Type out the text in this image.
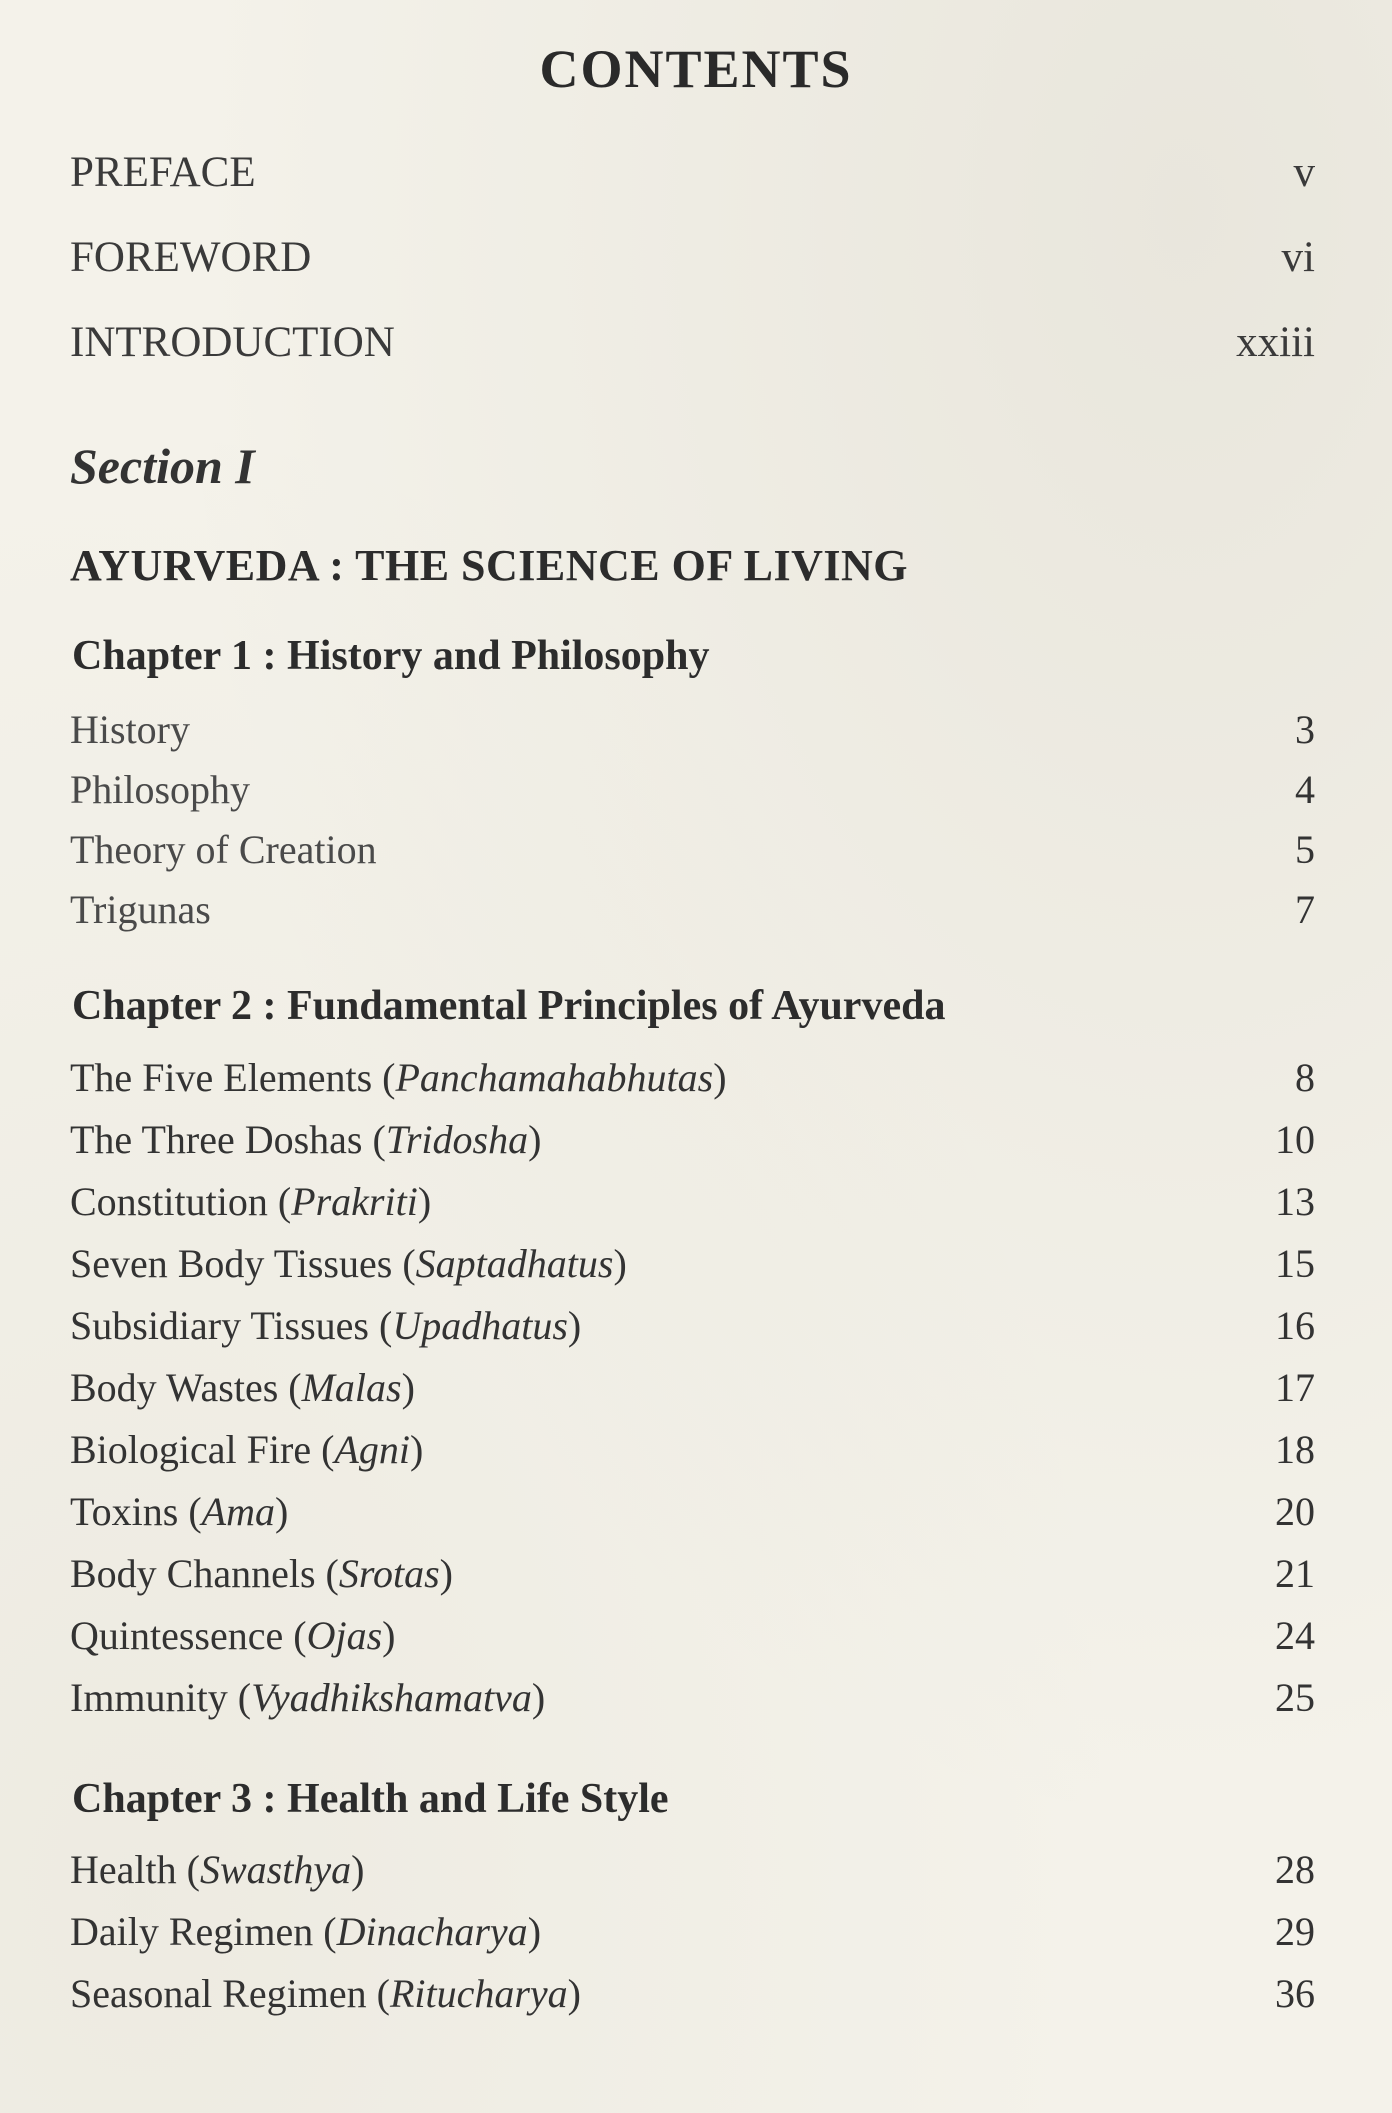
CONTENTS
PREFACE	v
FOREWORD	vi
INTRODUCTION	xxiii
Section I
AYURVEDA : THE SCIENCE OF LIVING
Chapter 1 : History and Philosophy
History	3
Philosophy	4
Theory of Creation	5
Trigunas	7
Chapter 2 : Fundamental Principles of Ayurveda
The Five Elements (Panchamahabhutas)	8
The Three Doshas (Tridosha)	10
Constitution (Prakriti)	13
Seven Body Tissues (Saptadhatus)	15
Subsidiary Tissues (Upadhatus)	16
Body Wastes (Malas)	17
Biological Fire (Agni)	18
Toxins (Ama)	20
Body Channels (Srotas)	21
Quintessence (Ojas)	24
Immunity (Vyadhikshamatva)	25
Chapter 3 : Health and Life Style
Health (Swasthya)	28
Daily Regimen (Dinacharya)	29
Seasonal Regimen (Ritucharya)	36
